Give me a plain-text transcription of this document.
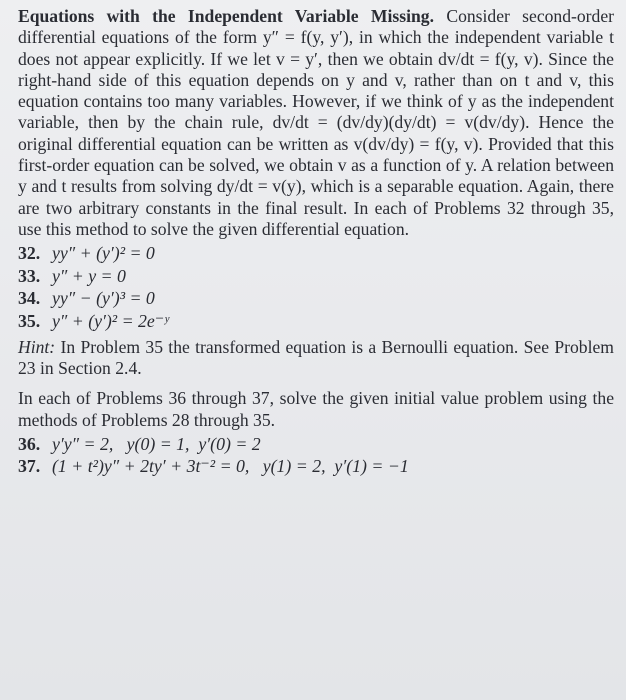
Equations with the Independent Variable Missing. Consider second-order differential equations of the form y″ = f(y, y′), in which the independent variable t does not appear explicitly. If we let v = y′, then we obtain dv/dt = f(y, v). Since the right-hand side of this equation depends on y and v, rather than on t and v, this equation contains too many variables. However, if we think of y as the independent variable, then by the chain rule, dv/dt = (dv/dy)(dy/dt) = v(dv/dy). Hence the original differential equation can be written as v(dv/dy) = f(y, v). Provided that this first-order equation can be solved, we obtain v as a function of y. A relation between y and t results from solving dy/dt = v(y), which is a separable equation. Again, there are two arbitrary constants in the final result. In each of Problems 32 through 35, use this method to solve the given differential equation.

32. yy″ + (y′)² = 0
33. y″ + y = 0
34. yy″ − (y′)³ = 0
35. y″ + (y′)² = 2e⁻ʸ

Hint: In Problem 35 the transformed equation is a Bernoulli equation. See Problem 23 in Section 2.4.

In each of Problems 36 through 37, solve the given initial value problem using the methods of Problems 28 through 35.

36. y′y″ = 2,   y(0) = 1,  y′(0) = 2
37. (1 + t²)y″ + 2ty′ + 3t⁻² = 0,   y(1) = 2,  y′(1) = −1
